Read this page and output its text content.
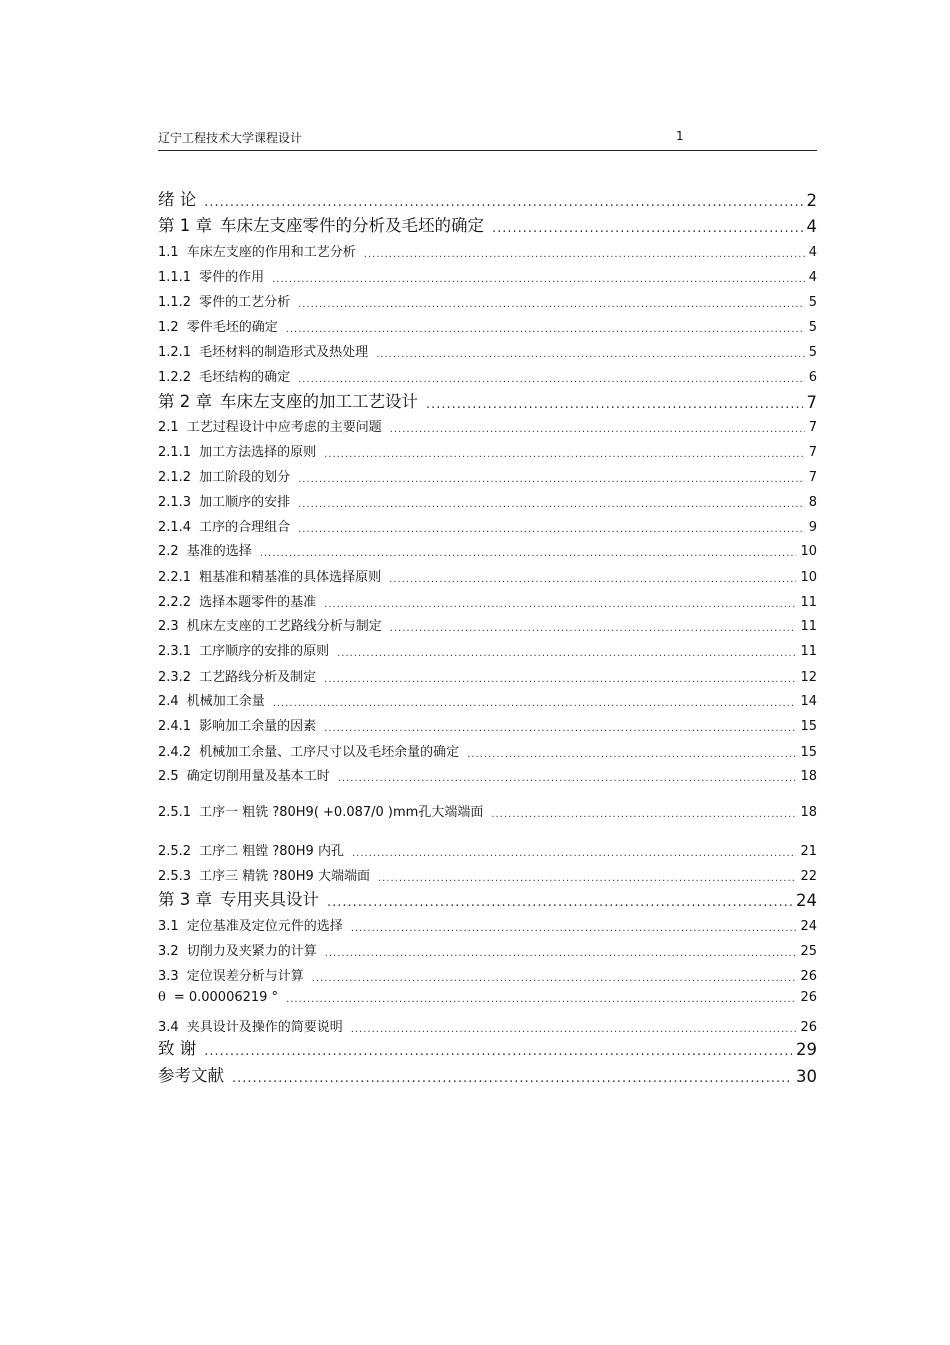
辽宁工程技术大学课程设计	1
绪 论 .....	2
第 1 章 车床左支座零件的分析及毛坯的确定 .....	4
1.1 车床左支座的作用和工艺分析 .....	4
1.1.1 零件的作用 .....	4
1.1.2 零件的工艺分析 .....	5
1.2 零件毛坯的确定 .....	5
1.2.1 毛坯材料的制造形式及热处理 .....	5
1.2.2 毛坯结构的确定 .....	6
第 2 章 车床左支座的加工工艺设计 .....	7
2.1 工艺过程设计中应考虑的主要问题 .....	7
2.1.1 加工方法选择的原则 .....	7
2.1.2 加工阶段的划分 .....	7
2.1.3 加工顺序的安排 .....	8
2.1.4 工序的合理组合 .....	9
2.2 基准的选择 .....	10
2.2.1 粗基准和精基准的具体选择原则 .....	10
2.2.2 选择本题零件的基准 .....	11
2.3 机床左支座的工艺路线分析与制定 .....	11
2.3.1 工序顺序的安排的原则 .....	11
2.3.2 工艺路线分析及制定 .....	12
2.4 机械加工余量 .....	14
2.4.1 影响加工余量的因素 .....	15
2.4.2 机械加工余量、工序尺寸以及毛坯余量的确定 .....	15
2.5 确定切削用量及基本工时 .....	18
2.5.1 工序一 粗铣 ?80H9( +0.087/0 )mm孔大端端面 .....	18
2.5.2 工序二 粗镗 ?80H9 内孔 .....	21
2.5.3 工序三 精铣 ?80H9 大端端面 .....	22
第 3 章 专用夹具设计 .....	24
3.1 定位基准及定位元件的选择 .....	24
3.2 切削力及夹紧力的计算 .....	25
3.3 定位误差分析与计算 .....	26
θ = 0.00006219 ° .....	26
3.4 夹具设计及操作的简要说明 .....	26
致 谢 .....	29
参考文献 .....	30
